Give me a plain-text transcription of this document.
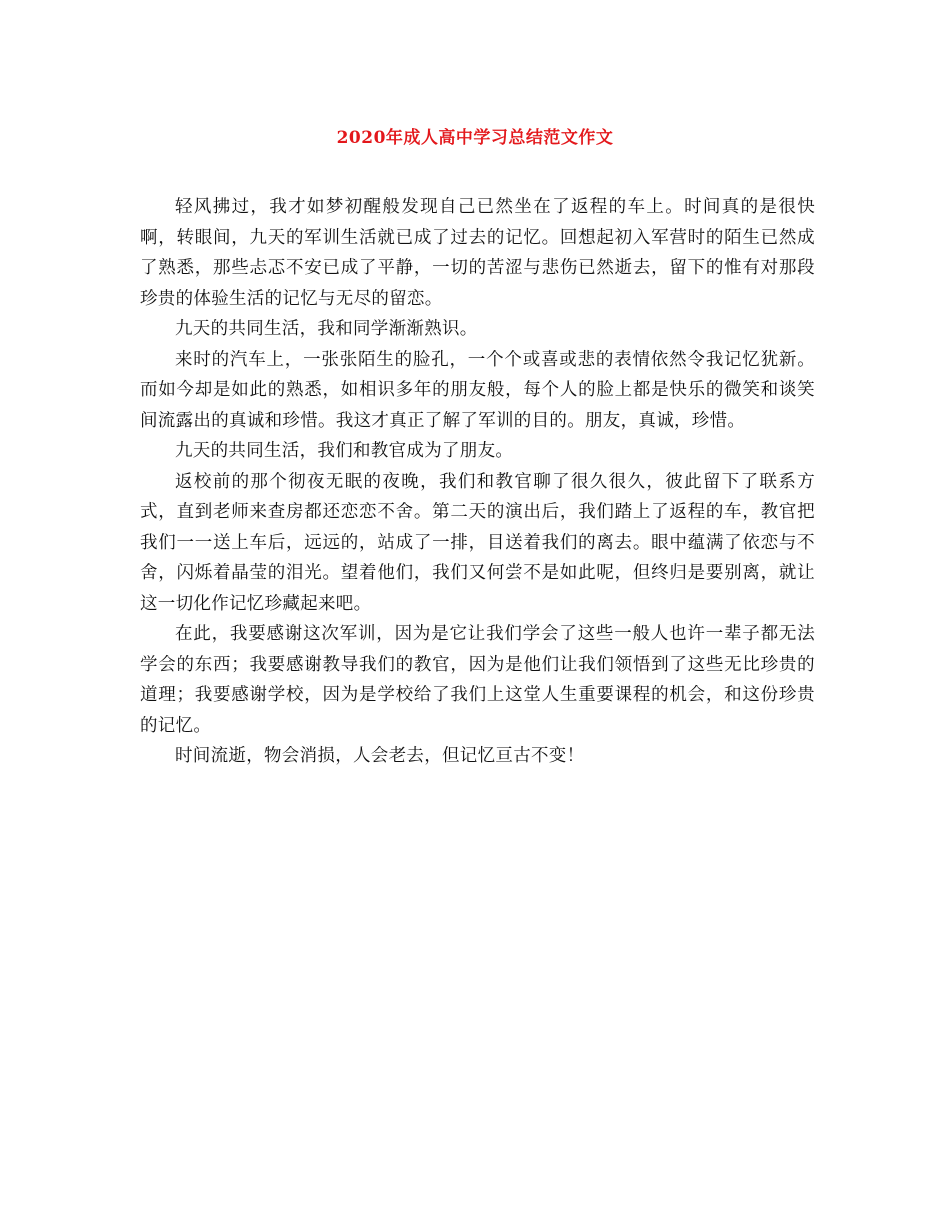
2020年成人高中学习总结范文作文

轻风拂过，我才如梦初醒般发现自己已然坐在了返程的车上。时间真的是很快啊，转眼间，九天的军训生活就已成了过去的记忆。回想起初入军营时的陌生已然成了熟悉，那些忐忑不安已成了平静，一切的苦涩与悲伤已然逝去，留下的惟有对那段珍贵的体验生活的记忆与无尽的留恋。

九天的共同生活，我和同学渐渐熟识。

来时的汽车上，一张张陌生的脸孔，一个个或喜或悲的表情依然令我记忆犹新。而如今却是如此的熟悉，如相识多年的朋友般，每个人的脸上都是快乐的微笑和谈笑间流露出的真诚和珍惜。我这才真正了解了军训的目的。朋友，真诚，珍惜。

九天的共同生活，我们和教官成为了朋友。

返校前的那个彻夜无眠的夜晚，我们和教官聊了很久很久，彼此留下了联系方式，直到老师来查房都还恋恋不舍。第二天的演出后，我们踏上了返程的车，教官把我们一一送上车后，远远的，站成了一排，目送着我们的离去。眼中蕴满了依恋与不舍，闪烁着晶莹的泪光。望着他们，我们又何尝不是如此呢，但终归是要别离，就让这一切化作记忆珍藏起来吧。

在此，我要感谢这次军训，因为是它让我们学会了这些一般人也许一辈子都无法学会的东西；我要感谢教导我们的教官，因为是他们让我们领悟到了这些无比珍贵的道理；我要感谢学校，因为是学校给了我们上这堂人生重要课程的机会，和这份珍贵的记忆。

时间流逝，物会消损，人会老去，但记忆亘古不变！
